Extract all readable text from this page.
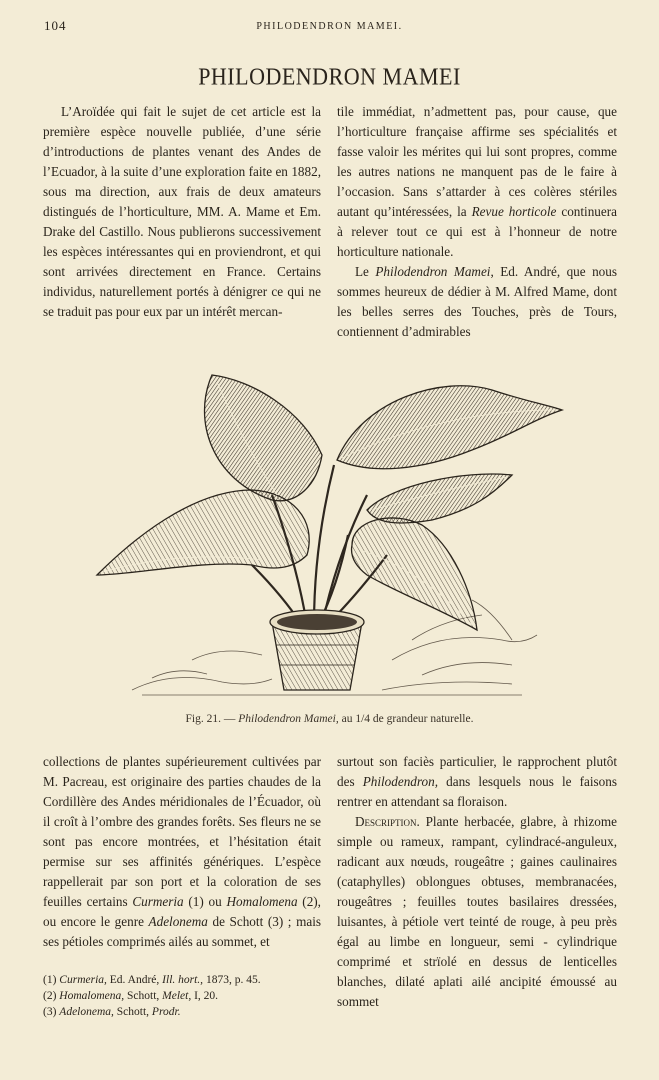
104	PHILODENDRON MAMEI.
PHILODENDRON MAMEI

L’Aroïdée qui fait le sujet de cet article est la première espèce nouvelle publiée, d’une série d’introductions de plantes venant des Andes de l’Ecuador, à la suite d’une exploration faite en 1882, sous ma direction, aux frais de deux amateurs distingués de l’horticulture, MM. A. Mame et Em. Drake del Castillo. Nous publierons successivement les espèces intéressantes qui en proviendront, et qui sont arrivées directement en France. Certains individus, naturellement portés à dénigrer ce qui ne se traduit pas pour eux par un intérêt mercan-

tile immédiat, n’admettent pas, pour cause, que l’horticulture française affirme ses spécialités et fasse valoir les mérites qui lui sont propres, comme les autres nations ne manquent pas de le faire à l’occasion. Sans s’attarder à ces colères stériles autant qu’intéressées, la Revue horticole continuera à relever tout ce qui est à l’honneur de notre horticulture nationale.

Le Philodendron Mamei, Ed. André, que nous sommes heureux de dédier à M. Alfred Mame, dont les belles serres des Touches, près de Tours, contiennent d’admirables

Fig. 21. — Philodendron Mamei, au 1/4 de grandeur naturelle.

collections de plantes supérieurement cultivées par M. Pacreau, est originaire des parties chaudes de la Cordillère des Andes méridionales de l’Écuador, où il croît à l’ombre des grandes forêts. Ses fleurs ne se sont pas encore montrées, et l’hésitation était permise sur ses affinités génériques. L’espèce rappellerait par son port et la coloration de ses feuilles certains Curmeria (1) ou Homalomena (2), ou encore le genre Adelonema de Schott (3) ; mais ses pétioles comprimés ailés au sommet, et

surtout son faciès particulier, le rapprochent plutôt des Philodendron, dans lesquels nous le faisons rentrer en attendant sa floraison.

Description. Plante herbacée, glabre, à rhizome simple ou rameux, rampant, cylindracé-anguleux, radicant aux nœuds, rougeâtre ; gaines caulinaires (cataphylles) oblongues obtuses, membranacées, rougeâtres ; feuilles toutes basilaires dressées, luisantes, à pétiole vert teinté de rouge, à peu près égal au limbe en longueur, semi - cylindrique comprimé et strïolé en dessus de lenticelles blanches, dilaté aplati ailé ancipité émoussé au sommet

(1) Curmeria, Ed. André, Ill. hort., 1873, p. 45.
(2) Homalomena, Schott, Melet, I, 20.
(3) Adelonema, Schott, Prodr.
